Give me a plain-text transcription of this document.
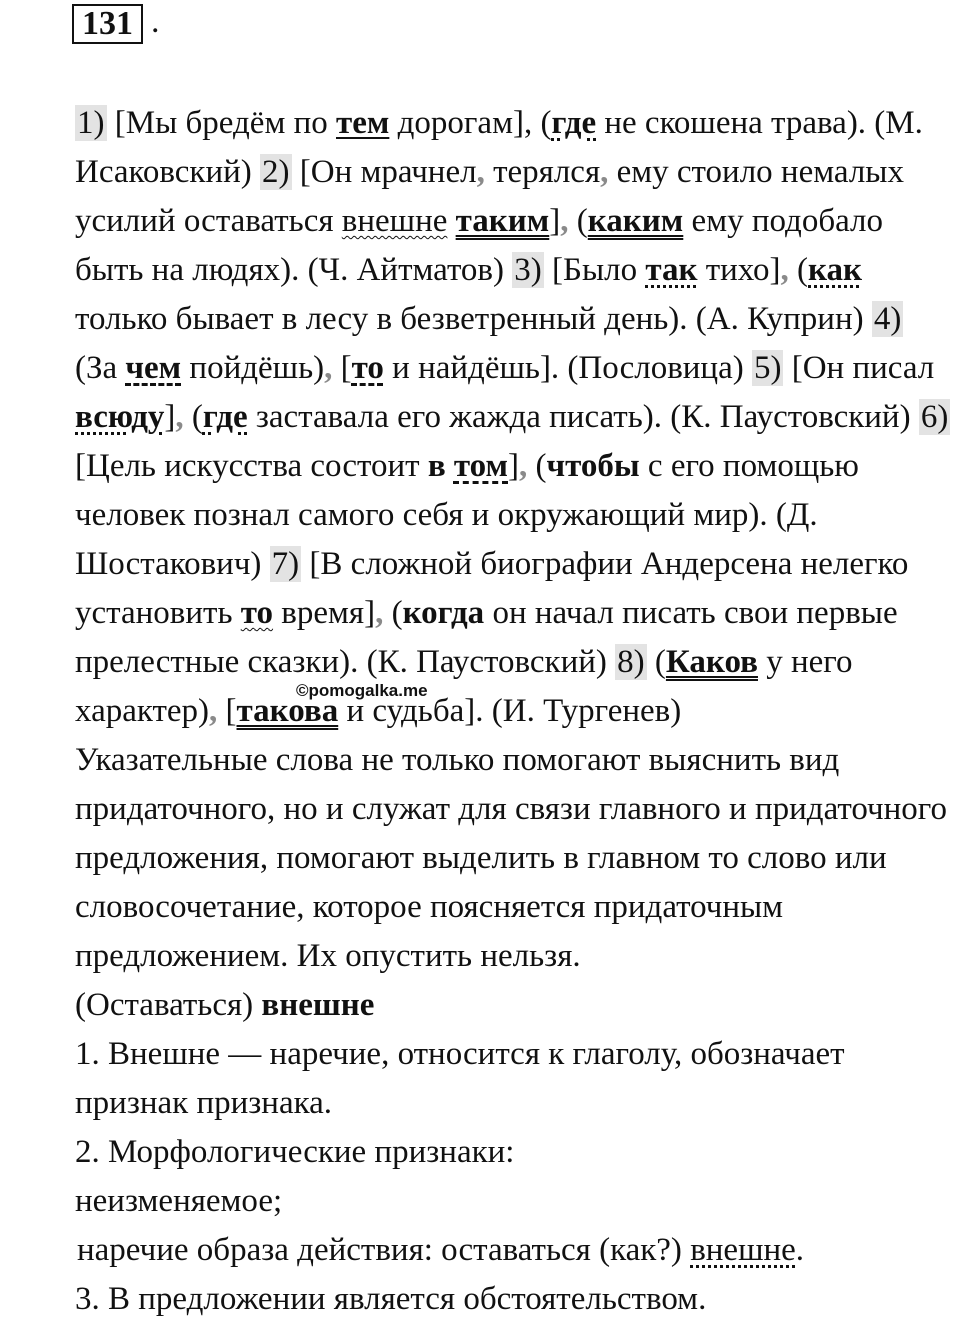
131 .

1) [Мы бредём по тем дорогам], (где не скошена трава). (М. Исаковский) 2) [Он мрачнел, терялся, ему стоило немалых усилий оставаться внешне таким], (каким ему подобало быть на людях). (Ч. Айтматов) 3) [Было так тихо], (как только бывает в лесу в безветренный день). (А. Куприн) 4) (За чем пойдёшь), [то и найдёшь]. (Пословица) 5) [Он писал всюду], (где заставала его жажда писать). (К. Паустовский) 6) [Цель искусства состоит в том], (чтобы с его помощью человек познал самого себя и окружающий мир). (Д. Шостакович) 7) [В сложной биографии Андерсена нелегко установить то время], (когда он начал писать свои первые прелестные сказки). (К. Паустовский) 8) (Каков у него характер), [такова и судьба]. (И. Тургенев)

Указательные слова не только помогают выяснить вид придаточного, но и служат для связи главного и придаточного предложения, помогают выделить в главном то слово или словосочетание, которое поясняется придаточным предложением. Их опустить нельзя.

(Оставаться) внешне

1. Внешне — наречие, относится к глаголу, обозначает признак признака.

2. Морфологические признаки:

неизменяемое;

наречие образа действия: оставаться (как?) внешне.

3. В предложении является обстоятельством.

©pomogalka.me
